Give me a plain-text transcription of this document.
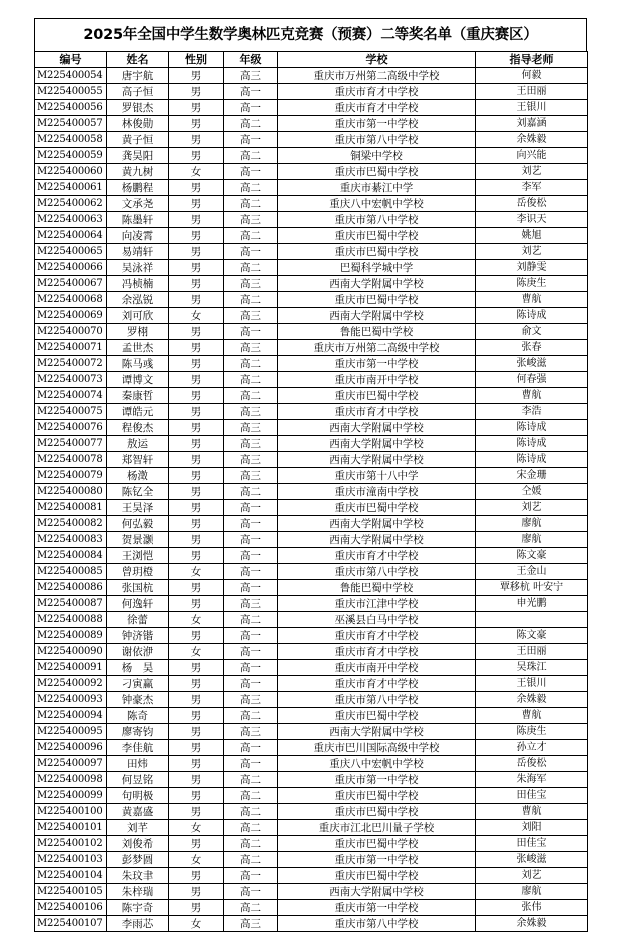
2025年全国中学生数学奥林匹克竞赛（预赛）二等奖名单（重庆赛区）
编号	姓名	性别	年级	学校	指导老师
M225400054	唐宇航	男	高三	重庆市万州第二高级中学校	何毅
M225400055	高子恒	男	高一	重庆市育才中学校	王田丽
M225400056	罗银杰	男	高一	重庆市育才中学校	王银川
M225400057	林俊勋	男	高二	重庆市第一中学校	刘嘉涵
M225400058	黄子恒	男	高一	重庆市第八中学校	余姝毅
M225400059	龚昊阳	男	高二	铜梁中学校	向兴能
M225400060	黄九树	女	高一	重庆市巴蜀中学校	刘艺
M225400061	杨鹏程	男	高二	重庆市綦江中学	李军
M225400062	文承尧	男	高二	重庆八中宏帆中学校	岳俊松
M225400063	陈墨轩	男	高三	重庆市第八中学校	李识天
M225400064	向凌霄	男	高二	重庆市巴蜀中学校	姚旭
M225400065	易靖轩	男	高一	重庆市巴蜀中学校	刘艺
M225400066	吴泳祥	男	高二	巴蜀科学城中学	刘静雯
M225400067	冯桢楠	男	高三	西南大学附属中学校	陈庚生
M225400068	余泓锐	男	高二	重庆市巴蜀中学校	曹航
M225400069	刘可欣	女	高三	西南大学附属中学校	陈诗成
M225400070	罗栩	男	高一	鲁能巴蜀中学校	俞文
M225400071	孟世杰	男	高三	重庆市万州第二高级中学校	张春
M225400072	陈马彧	男	高二	重庆市第一中学校	张峻滋
M225400073	谭博文	男	高二	重庆市南开中学校	何春强
M225400074	秦康哲	男	高二	重庆市巴蜀中学校	曹航
M225400075	谭皓元	男	高三	重庆市育才中学校	李浩
M225400076	程俊杰	男	高三	西南大学附属中学校	陈诗成
M225400077	敖运	男	高三	西南大学附属中学校	陈诗成
M225400078	郑智轩	男	高三	西南大学附属中学校	陈诗成
M225400079	杨澂	男	高三	重庆市第十八中学	宋金珊
M225400080	陈钇全	男	高二	重庆市潼南中学校	仝媛
M225400081	王昊泽	男	高一	重庆市巴蜀中学校	刘艺
M225400082	何弘毅	男	高一	西南大学附属中学校	廖航
M225400083	贺景灏	男	高一	西南大学附属中学校	廖航
M225400084	王浏恺	男	高一	重庆市育才中学校	陈文豪
M225400085	曾玥橙	女	高一	重庆市第八中学校	王金山
M225400086	张国杭	男	高一	鲁能巴蜀中学校	覃移杭 叶安宁
M225400087	何逸轩	男	高三	重庆市江津中学校	申光鹏
M225400088	徐蕾	女	高二	巫溪县白马中学校	
M225400089	钟济锴	男	高一	重庆市育才中学校	陈文豪
M225400090	谢依洢	女	高一	重庆市育才中学校	王田丽
M225400091	杨　昊	男	高一	重庆市南开中学校	吴珠江
M225400092	刁寅赢	男	高一	重庆市育才中学校	王银川
M225400093	钟豪杰	男	高三	重庆市第八中学校	余姝毅
M225400094	陈奇	男	高二	重庆市巴蜀中学校	曹航
M225400095	廖寄钧	男	高三	西南大学附属中学校	陈庚生
M225400096	李佳航	男	高一	重庆市巴川国际高级中学校	孙立才
M225400097	田炜	男	高一	重庆八中宏帆中学校	岳俊松
M225400098	何昱铭	男	高二	重庆市第一中学校	朱海军
M225400099	句明极	男	高二	重庆市巴蜀中学校	田佳宝
M225400100	黄嘉盛	男	高二	重庆市巴蜀中学校	曹航
M225400101	刘芊	女	高二	重庆市江北巴川量子学校	刘阳
M225400102	刘俊希	男	高二	重庆市巴蜀中学校	田佳宝
M225400103	彭梦圆	女	高二	重庆市第一中学校	张峻滋
M225400104	朱玟聿	男	高一	重庆市巴蜀中学校	刘艺
M225400105	朱梓瑞	男	高一	西南大学附属中学校	廖航
M225400106	陈宇奇	男	高二	重庆市第一中学校	张伟
M225400107	李雨芯	女	高三	重庆市第八中学校	余姝毅
